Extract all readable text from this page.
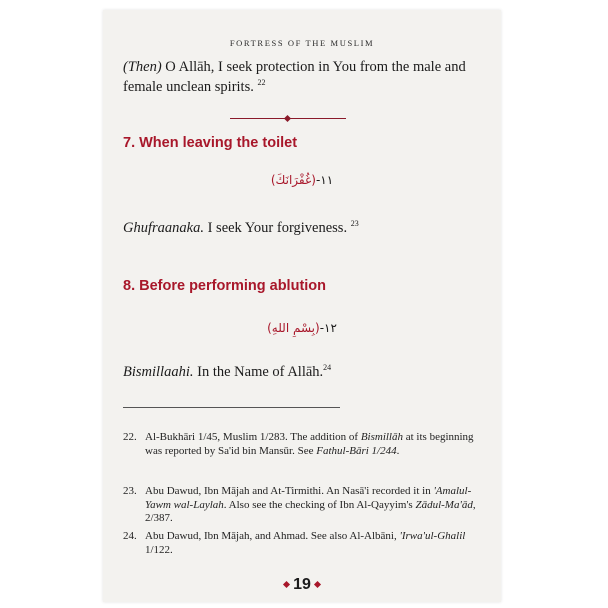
FORTRESS OF THE MUSLIM
(Then) O Allāh, I seek protection in You from the male and female unclean spirits. $^{22}$
7. When leaving the toilet
١١-(غُفْرَانَكَ)
Ghufraanaka. I seek Your forgiveness. $^{23}$
8. Before performing ablution
١٢-(بِسْمِ اللهِ)
Bismillaahi. In the Name of Allāh.$^{24}$
22. Al-Bukhāri 1/45, Muslim 1/283. The addition of Bismillāh at its beginning was reported by Sa'id bin Mansūr. See Fathul-Bāri 1/244.
23. Abu Dawud, Ibn Mājah and At-Tirmithi. An Nasā'i recorded it in 'Amalul-Yawm wal-Laylah. Also see the checking of Ibn Al-Qayyim's Zādul-Ma'ād, 2/387.
24. Abu Dawud, Ibn Mājah, and Ahmad. See also Al-Albāni, 'Irwa'ul-Ghalil 1/122.
19
